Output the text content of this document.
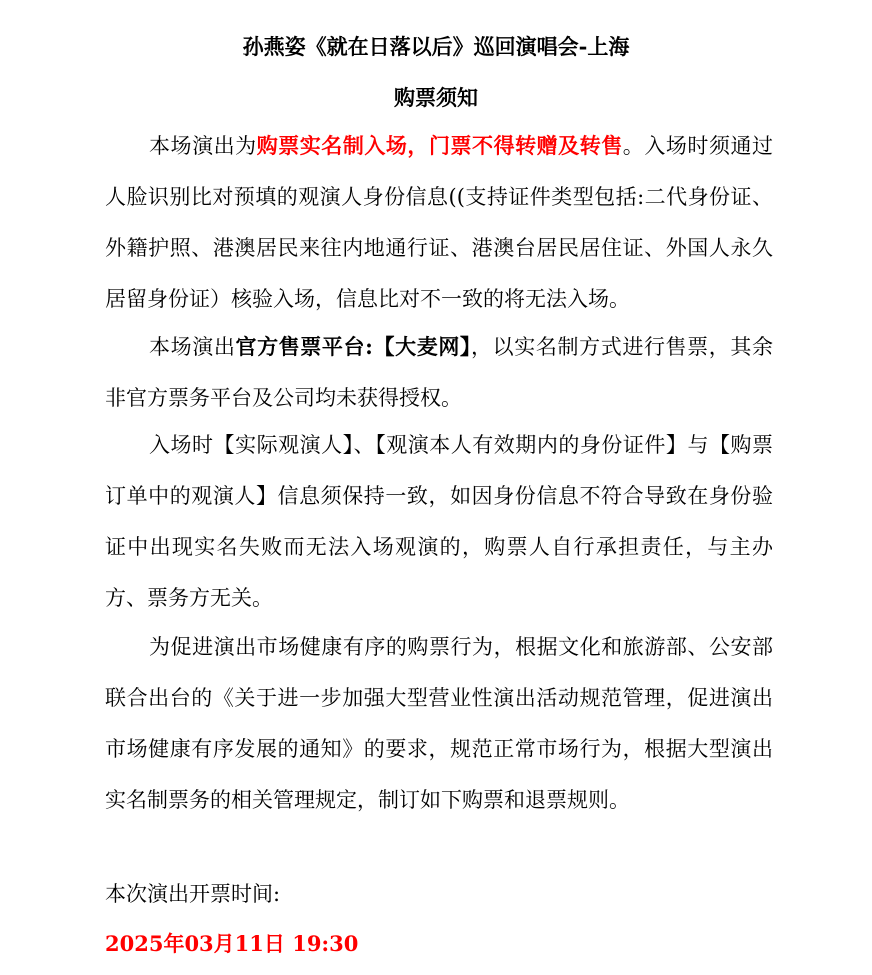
孙燕姿《就在日落以后》巡回演唱会-上海
购票须知
本场演出为购票实名制入场，门票不得转赠及转售。入场时须通过人脸识别比对预填的观演人身份信息((支持证件类型包括:二代身份证、外籍护照、港澳居民来往内地通行证、港澳台居民居住证、外国人永久居留身份证）核验入场，信息比对不一致的将无法入场。
本场演出官方售票平台:【大麦网】，以实名制方式进行售票，其余非官方票务平台及公司均未获得授权。
入场时【实际观演人】、【观演本人有效期内的身份证件】与【购票订单中的观演人】信息须保持一致，如因身份信息不符合导致在身份验证中出现实名失败而无法入场观演的，购票人自行承担责任，与主办方、票务方无关。
为促进演出市场健康有序的购票行为，根据文化和旅游部、公安部联合出台的《关于进一步加强大型营业性演出活动规范管理，促进演出市场健康有序发展的通知》的要求，规范正常市场行为，根据大型演出实名制票务的相关管理规定，制订如下购票和退票规则。
本次演出开票时间:
2025年03月11日 19:30
